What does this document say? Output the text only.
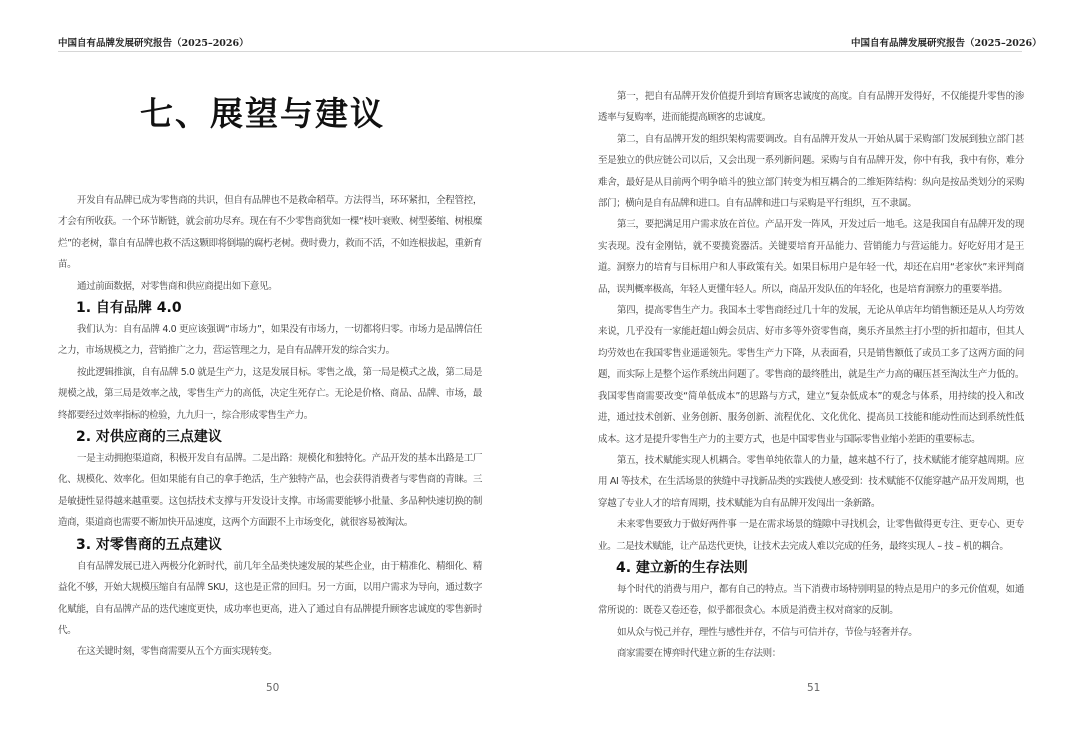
中国自有品牌发展研究报告（2025–2026）
七、展望与建议

开发自有品牌已成为零售商的共识，但自有品牌也不是救命稻草。方法得当，环环紧扣，全程管控，才会有所收获。一个环节断链，就会前功尽弃。现在有不少零售商犹如一棵“枝叶衰败、树型萎缩、树根糜烂”的老树，靠自有品牌也救不活这颗即将倒塌的腐朽老树。费时费力，救而不活，不如连根拔起，重新育苗。

通过前面数据，对零售商和供应商提出如下意见。

1. 自有品牌 4.0

我们认为：自有品牌 4.0 更应该强调“市场力”，如果没有市场力，一切都将归零。市场力是品牌信任之力，市场规模之力，营销推广之力，营运管理之力，是自有品牌开发的综合实力。

按此逻辑推演，自有品牌 5.0 就是生产力，这是发展目标。零售之战，第一局是模式之战，第二局是规模之战，第三局是效率之战，零售生产力的高低，决定生死存亡。无论是价格、商品、品牌、市场，最终都要经过效率指标的检验，九九归一，综合形成零售生产力。

2. 对供应商的三点建议

一是主动拥抱渠道商，积极开发自有品牌。二是出路：规模化和独特化。产品开发的基本出路是工厂化、规模化、效率化。但如果能有自己的拿手绝活，生产独特产品，也会获得消费者与零售商的青睐。三是敏捷性显得越来越重要。这包括技术支撑与开发设计支撑。市场需要能够小批量、多品种快速切换的制造商，渠道商也需要不断加快开品速度，这两个方面跟不上市场变化，就很容易被淘汰。

3. 对零售商的五点建议

自有品牌发展已进入两极分化新时代，前几年全品类快速发展的某些企业，由于精准化、精细化、精益化不够，开始大规模压缩自有品牌 SKU，这也是正常的回归。另一方面，以用户需求为导向，通过数字化赋能，自有品牌产品的迭代速度更快，成功率也更高，进入了通过自有品牌提升顾客忠诚度的零售新时代。

在这关键时刻，零售商需要从五个方面实现转变。

50
中国自有品牌发展研究报告（2025–2026）

第一，把自有品牌开发价值提升到培育顾客忠诚度的高度。自有品牌开发得好，不仅能提升零售的渗透率与复购率，进而能提高顾客的忠诚度。

第二，自有品牌开发的组织架构需要调改。自有品牌开发从一开始从属于采购部门发展到独立部门甚至是独立的供应链公司以后，又会出现一系列新问题。采购与自有品牌开发，你中有我，我中有你，难分难舍，最好是从目前两个明争暗斗的独立部门转变为相互耦合的二维矩阵结构：纵向是按品类划分的采购部门；横向是自有品牌和进口。自有品牌和进口与采购是平行组织，互不隶属。

第三，要把满足用户需求放在首位。产品开发一阵风，开发过后一地毛。这是我国自有品牌开发的现实表现。没有金刚钻，就不要揽瓷器活。关键要培育开品能力、营销能力与营运能力。好吃好用才是王道。洞察力的培育与目标用户和人事政策有关。如果目标用户是年轻一代，却还在启用“老家伙”来评判商品，误判概率极高，年轻人更懂年轻人。所以，商品开发队伍的年轻化，也是培育洞察力的重要举措。

第四，提高零售生产力。我国本土零售商经过几十年的发展，无论从单店年均销售额还是从人均劳效来说，几乎没有一家能赶超山姆会员店、好市多等外资零售商，奥乐齐虽然主打小型的折扣超市，但其人均劳效也在我国零售业遥遥领先。零售生产力下降，从表面看，只是销售额低了或员工多了这两方面的问题，而实际上是整个运作系统出问题了。零售商的最终胜出，就是生产力高的碾压甚至淘汰生产力低的。我国零售商需要改变“简单低成本”的思路与方式，建立“复杂低成本”的观念与体系，用持续的投入和改进，通过技术创新、业务创新、服务创新、流程优化、文化优化、提高员工技能和能动性而达到系统性低成本。这才是提升零售生产力的主要方式，也是中国零售业与国际零售业缩小差距的重要标志。

第五，技术赋能实现人机耦合。零售单纯依靠人的力量，越来越不行了，技术赋能才能穿越周期。应用 AI 等技术，在生活场景的狭缝中寻找新品类的实践使人感受到：技术赋能不仅能穿越产品开发周期，也穿越了专业人才的培育周期，技术赋能为自有品牌开发闯出一条新路。

未来零售要致力于做好两件事 一是在需求场景的缝隙中寻找机会，让零售做得更专注、更专心、更专业。二是技术赋能，让产品迭代更快，让技术去完成人难以完成的任务，最终实现人 – 技 – 机的耦合。

4. 建立新的生存法则

每个时代的消费与用户，都有自己的特点。当下消费市场特别明显的特点是用户的多元价值观，如通常所说的：既卷又卷还卷，似乎都很贪心。本质是消费主权对商家的反制。

如从众与悦己并存，理性与感性并存，不信与可信并存，节俭与轻奢并存。

商家需要在博弈时代建立新的生存法则：

51
